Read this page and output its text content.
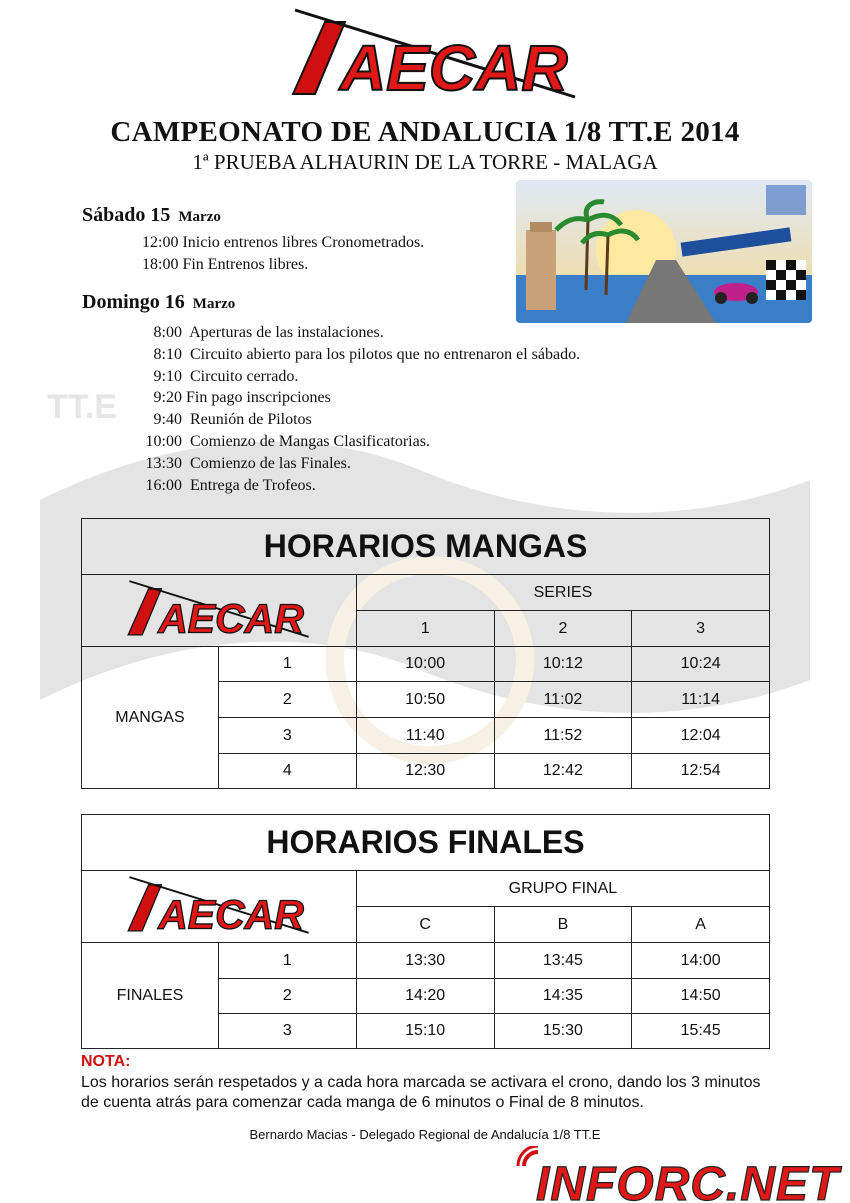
TT.E
AECAR
CAMPEONATO DE ANDALUCIA 1/8 TT.E 2014
1ª PRUEBA ALHAURIN DE LA TORRE - MALAGA
Sábado 15 Marzo
12:00 Inicio entrenos libres Cronometrados.
18:00 Fin Entrenos libres.
Domingo 16 Marzo
8:00 Aperturas de las instalaciones.
8:10 Circuito abierto para los pilotos que no entrenaron el sábado.
9:10 Circuito cerrado.
9:20 Fin pago inscripciones
9:40 Reunión de Pilotos
10:00 Comienzo de Mangas Clasificatorias.
13:30 Comienzo de las Finales.
16:00 Entrega de Trofeos.
HORARIOS MANGAS				

AECAR		SERIES		
		1	2	3
MANGAS	1	10:00	10:12	10:24
	2	10:50	11:02	11:14
	3	11:40	11:52	12:04
	4	12:30	12:42	12:54
HORARIOS FINALES				

AECAR		GRUPO FINAL		
		C	B	A
FINALES	1	13:30	13:45	14:00
	2	14:20	14:35	14:50
	3	15:10	15:30	15:45
NOTA:
Los horarios serán respetados y a cada hora marcada se activara el crono, dando los 3 minutos de cuenta atrás para comenzar cada manga de 6 minutos o Final de 8 minutos.
Bernardo Macias - Delegado Regional de Andalucía 1/8 TT.E
INFORC.NET
